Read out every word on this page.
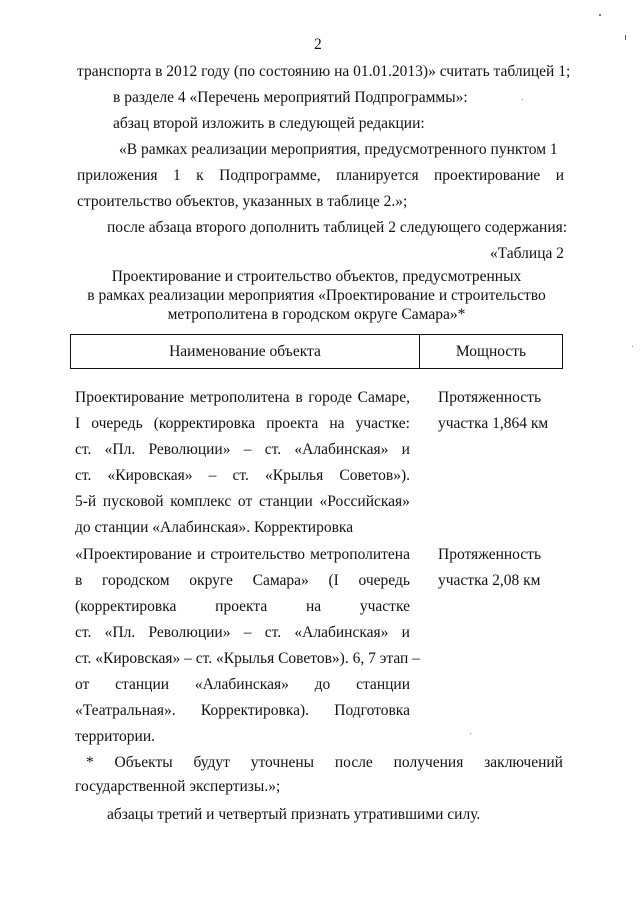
2
транспорта в 2012 году (по состоянию на 01.01.2013)» считать таблицей 1;
в разделе 4 «Перечень мероприятий Подпрограммы»:
абзац второй изложить в следующей редакции:
«В рамках реализации мероприятия, предусмотренного пунктом 1
приложения 1 к Подпрограмме, планируется проектирование и
строительство объектов, указанных в таблице 2.»;
после абзаца второго дополнить таблицей 2 следующего содержания:
«Таблица 2
Проектирование и строительство объектов, предусмотренных
в рамках реализации мероприятия «Проектирование и строительство
метрополитена в городском округе Самара»*
Наименование объекта	Мощность
Проектирование метрополитена в городе Самаре,
I очередь (корректировка проекта на участке:
ст. «Пл. Революции» – ст. «Алабинская» и
ст. «Кировская» – ст. «Крылья Советов»).
5-й пусковой комплекс от станции «Российская»
до станции «Алабинская». Корректировка
Протяженность
участка 1,864 км
«Проектирование и строительство метрополитена
в городском округе Самара» (I очередь
(корректировка проекта на участке
ст. «Пл. Революции» – ст. «Алабинская» и
ст. «Кировская» – ст. «Крылья Советов»). 6, 7 этап –
от станции «Алабинская» до станции
«Театральная». Корректировка). Подготовка
территории.
Протяженность
участка 2,08 км
* Объекты будут уточнены после получения заключений
государственной экспертизы.»;
абзацы третий и четвертый признать утратившими силу.
